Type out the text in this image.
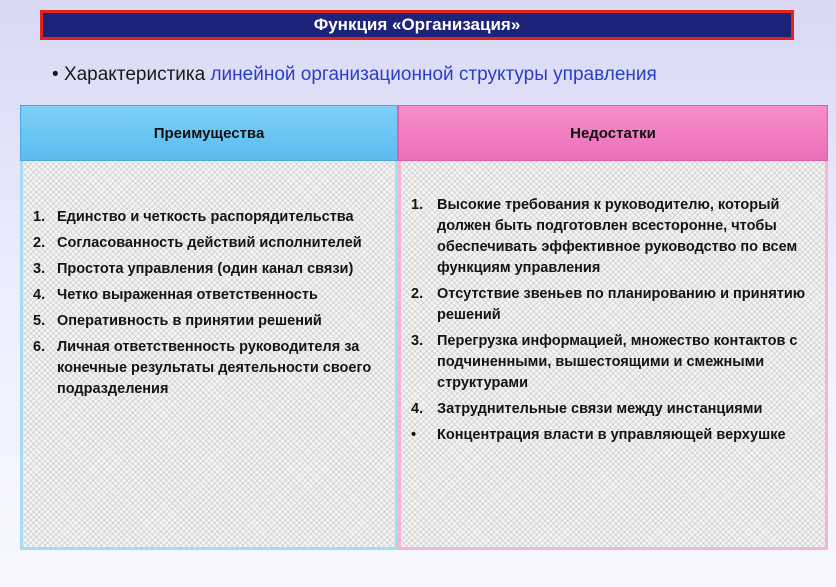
Функция «Организация»
• Характеристика линейной организационной структуры управления
Преимущества
1. Единство и четкость распорядительства
2. Согласованность действий исполнителей
3. Простота управления (один канал связи)
4. Четко выраженная ответственность
5. Оперативность в принятии решений
6. Личная ответственность руководителя за конечные результаты деятельности своего подразделения
Недостатки
1. Высокие требования к руководителю, который должен быть подготовлен всесторонне, чтобы обеспечивать эффективное руководство по всем функциям управления
2. Отсутствие звеньев по планированию и принятию решений
3. Перегрузка информацией, множество контактов с подчиненными, вышестоящими и смежными структурами
4. Затруднительные связи между инстанциями
•	Концентрация власти в управляющей верхушке
